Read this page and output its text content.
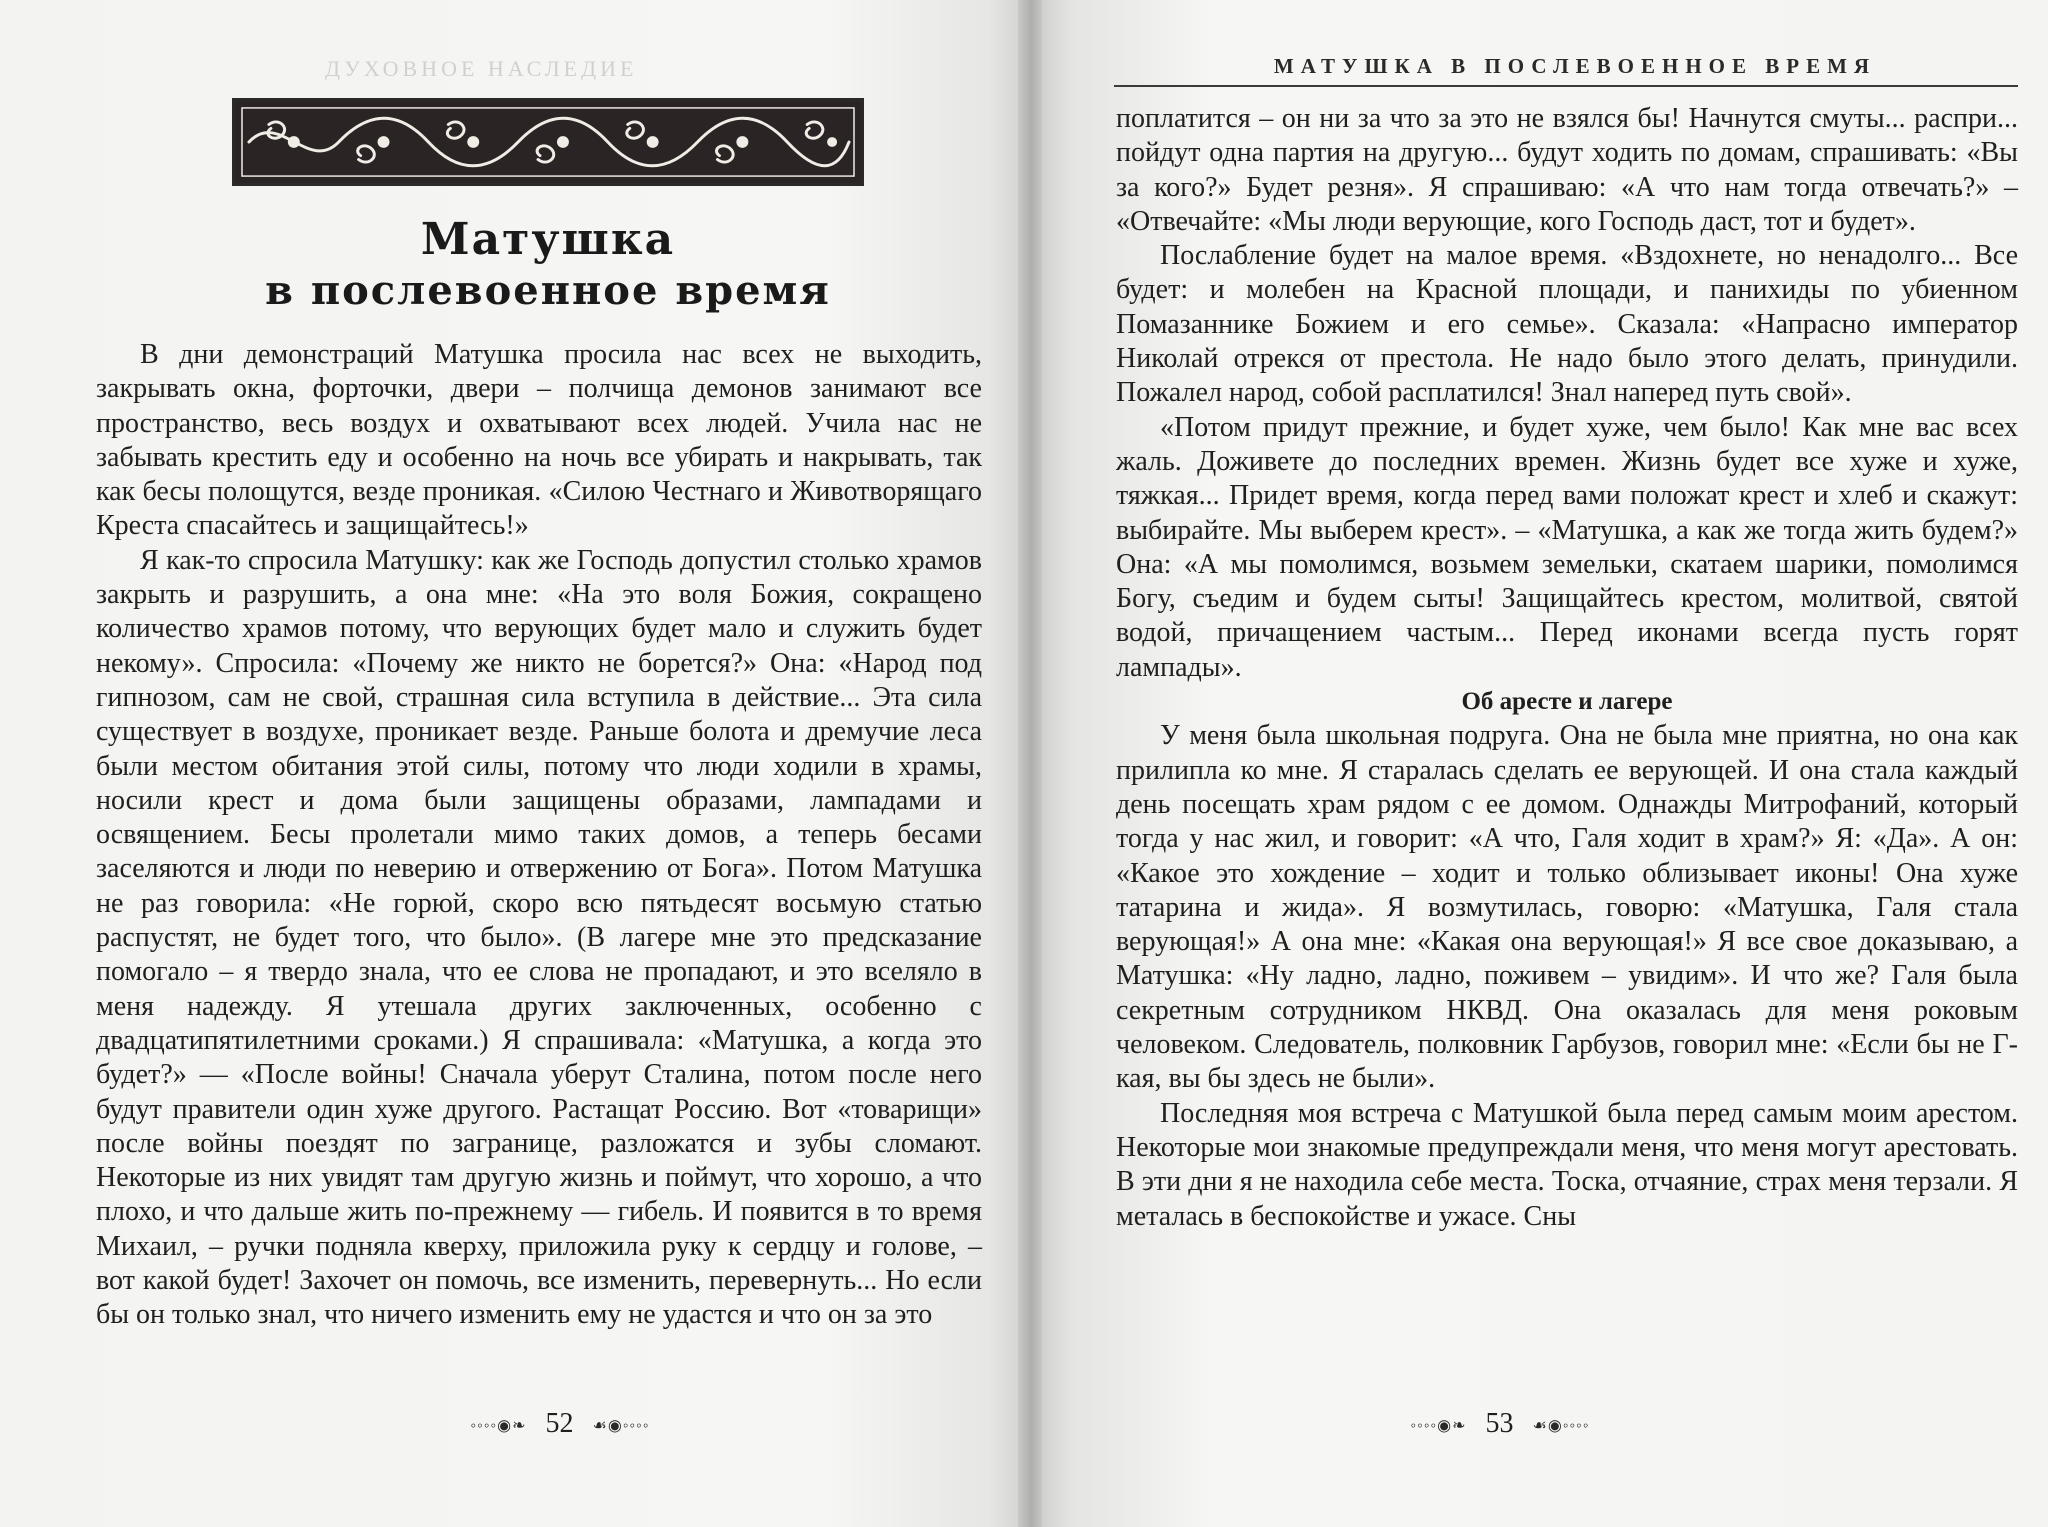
ДУХОВНОЕ НАСЛЕДИЕ
Матушка
в послевоенное время

В дни демонстраций Матушка просила нас всех не выходить, закрывать окна, форточки, двери – полчища демонов занимают все пространство, весь воздух и охватывают всех людей. Учила нас не забывать крестить еду и особенно на ночь все убирать и накрывать, так как бесы полощутся, везде проникая. «Силою Честнаго и Животворящаго Креста спасайтесь и защищайтесь!»

Я как-то спросила Матушку: как же Господь допустил столько храмов закрыть и разрушить, а она мне: «На это воля Божия, сокращено количество храмов потому, что верующих будет мало и служить будет некому». Спросила: «Почему же никто не борется?» Она: «Народ под гипнозом, сам не свой, страшная сила вступила в действие... Эта сила существует в воздухе, проникает везде. Раньше болота и дремучие леса были местом обитания этой силы, потому что люди ходили в храмы, носили крест и дома были защищены образами, лампадами и освящением. Бесы пролетали мимо таких домов, а теперь бесами заселяются и люди по неверию и отвержению от Бога». Потом Матушка не раз говорила: «Не горюй, скоро всю пятьдесят восьмую статью распустят, не будет того, что было». (В лагере мне это предсказание помогало – я твердо знала, что ее слова не пропадают, и это вселяло в меня надежду. Я утешала других заключенных, особенно с двадцатипятилетними сроками.) Я спрашивала: «Матушка, а когда это будет?» — «После войны! Сначала уберут Сталина, потом после него будут правители один хуже другого. Растащат Россию. Вот «товарищи» после войны поездят по загранице, разложатся и зубы сломают. Некоторые из них увидят там другую жизнь и поймут, что хорошо, а что плохо, и что дальше жить по-прежнему — гибель. И появится в то время Михаил, – ручки подняла кверху, приложила руку к сердцу и голове, – вот какой будет! Захочет он помочь, все изменить, перевернуть... Но если бы он только знал, что ничего изменить ему не удастся и что он за это

◦◦◦◦◉❧ 52 ☙◉◦◦◦◦
МАТУШКА В ПОСЛЕВОЕННОЕ ВРЕМЯ

поплатится – он ни за что за это не взялся бы! Начнутся смуты... распри... пойдут одна партия на другую... будут ходить по домам, спрашивать: «Вы за кого?» Будет резня». Я спрашиваю: «А что нам тогда отвечать?» – «Отвечайте: «Мы люди верующие, кого Господь даст, тот и будет».

Послабление будет на малое время. «Вздохнете, но ненадолго... Все будет: и молебен на Красной площади, и панихиды по убиенном Помазаннике Божием и его семье». Сказала: «Напрасно император Николай отрекся от престола. Не надо было этого делать, принудили. Пожалел народ, собой расплатился! Знал наперед путь свой».

«Потом придут прежние, и будет хуже, чем было! Как мне вас всех жаль. Доживете до последних времен. Жизнь будет все хуже и хуже, тяжкая... Придет время, когда перед вами положат крест и хлеб и скажут: выбирайте. Мы выберем крест». – «Матушка, а как же тогда жить будем?» Она: «А мы помолимся, возьмем земельки, скатаем шарики, помолимся Богу, съедим и будем сыты! Защищайтесь крестом, молитвой, святой водой, причащением частым... Перед иконами всегда пусть горят лампады».

Об аресте и лагере

У меня была школьная подруга. Она не была мне приятна, но она как прилипла ко мне. Я старалась сделать ее верующей. И она стала каждый день посещать храм рядом с ее домом. Однажды Митрофаний, который тогда у нас жил, и говорит: «А что, Галя ходит в храм?» Я: «Да». А он: «Какое это хождение – ходит и только облизывает иконы! Она хуже татарина и жида». Я возмутилась, говорю: «Матушка, Галя стала верующая!» А она мне: «Какая она верующая!» Я все свое доказываю, а Матушка: «Ну ладно, ладно, поживем – увидим». И что же? Галя была секретным сотрудником НКВД. Она оказалась для меня роковым человеком. Следователь, полковник Гарбузов, говорил мне: «Если бы не Г-кая, вы бы здесь не были».

Последняя моя встреча с Матушкой была перед самым моим арестом. Некоторые мои знакомые предупреждали меня, что меня могут арестовать. В эти дни я не находила себе места. Тоска, отчаяние, страх меня терзали. Я металась в беспокойстве и ужасе. Сны

◦◦◦◦◉❧ 53 ☙◉◦◦◦◦
